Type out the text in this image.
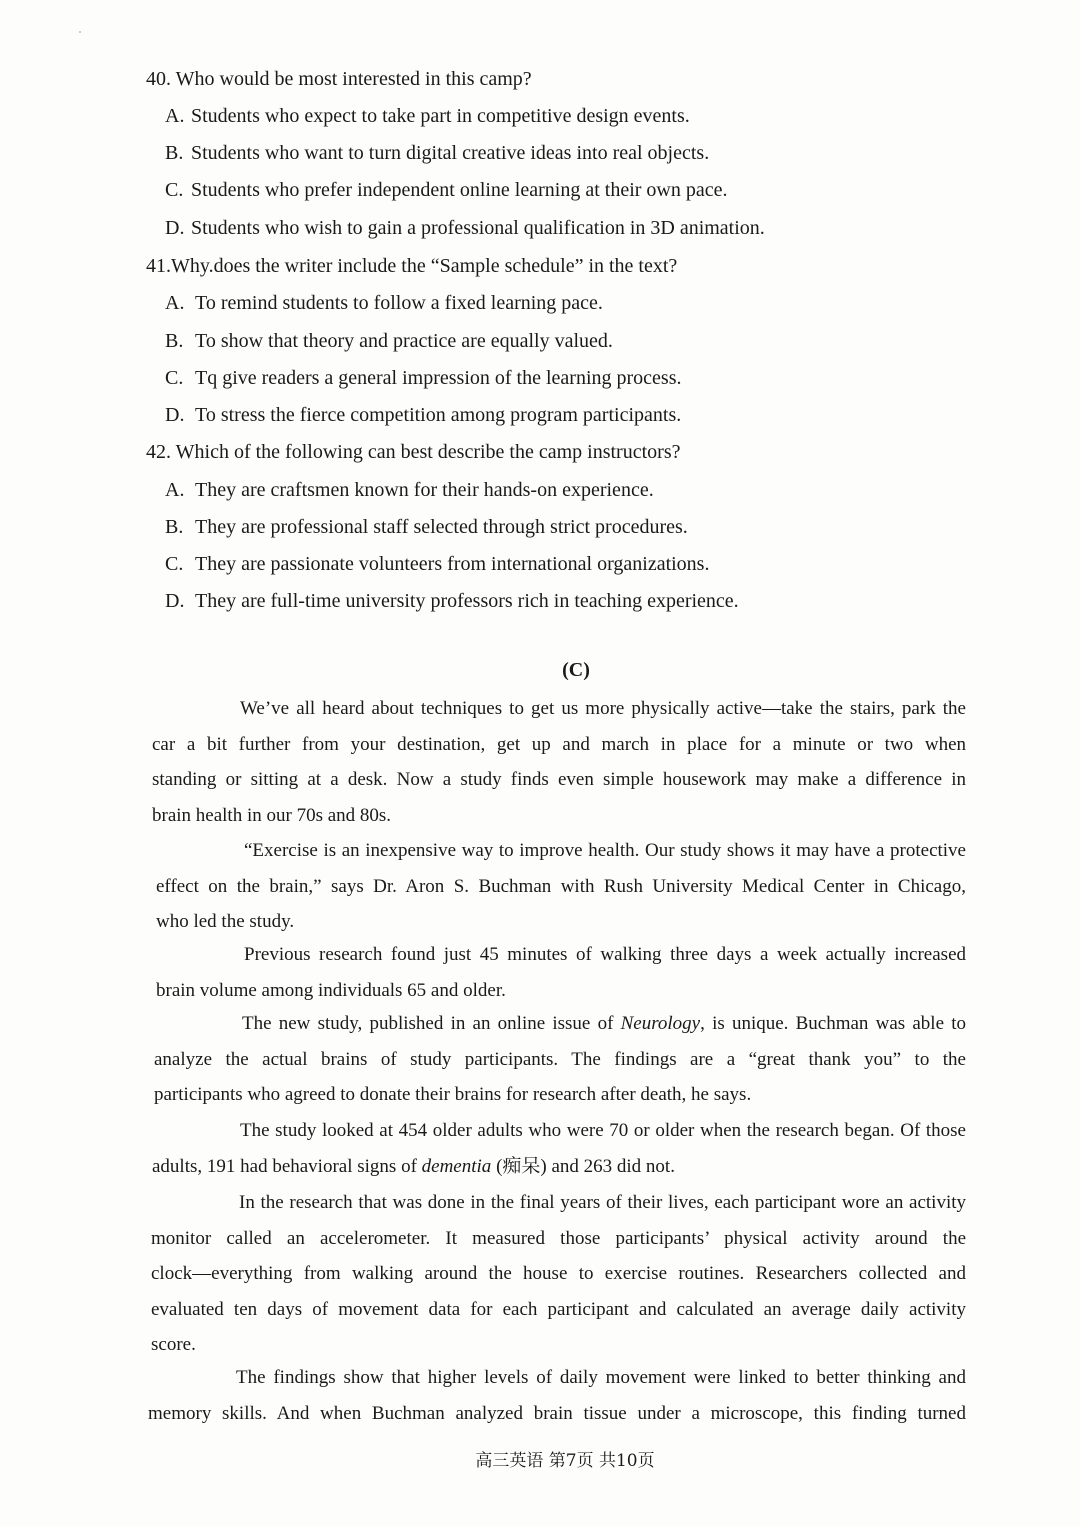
40. Who would be most interested in this camp?
A. Students who expect to take part in competitive design events.
B. Students who want to turn digital creative ideas into real objects.
C. Students who prefer independent online learning at their own pace.
D. Students who wish to gain a professional qualification in 3D animation.
41.Why.does the writer include the “Sample schedule” in the text?
A. To remind students to follow a fixed learning pace.
B. To show that theory and practice are equally valued.
C. Tq give readers a general impression of the learning process.
D. To stress the fierce competition among program participants.
42. Which of the following can best describe the camp instructors?
A. They are craftsmen known for their hands-on experience.
B. They are professional staff selected through strict procedures.
C. They are passionate volunteers from international organizations.
D. They are full-time university professors rich in teaching experience.
(C)
We’ve all heard about techniques to get us more physically active—take the stairs, park the
car a bit further from your destination, get up and march in place for a minute or two when
standing or sitting at a desk. Now a study finds even simple housework may make a difference in
brain health in our 70s and 80s.
“Exercise is an inexpensive way to improve health. Our study shows it may have a protective
effect on the brain,” says Dr. Aron S. Buchman with Rush University Medical Center in Chicago,
who led the study.
Previous research found just 45 minutes of walking three days a week actually increased
brain volume among individuals 65 and older.
The new study, published in an online issue of Neurology, is unique. Buchman was able to
analyze the actual brains of study participants. The findings are a “great thank you” to the
participants who agreed to donate their brains for research after death, he says.
The study looked at 454 older adults who were 70 or older when the research began. Of those
adults, 191 had behavioral signs of dementia (痴呆) and 263 did not.
In the research that was done in the final years of their lives, each participant wore an activity
monitor called an accelerometer. It measured those participants’ physical activity around the
clock—everything from walking around the house to exercise routines. Researchers collected and
evaluated ten days of movement data for each participant and calculated an average daily activity
score.
The findings show that higher levels of daily movement were linked to better thinking and
memory skills. And when Buchman analyzed brain tissue under a microscope, this finding turned
高三英语 第7页 共10页
